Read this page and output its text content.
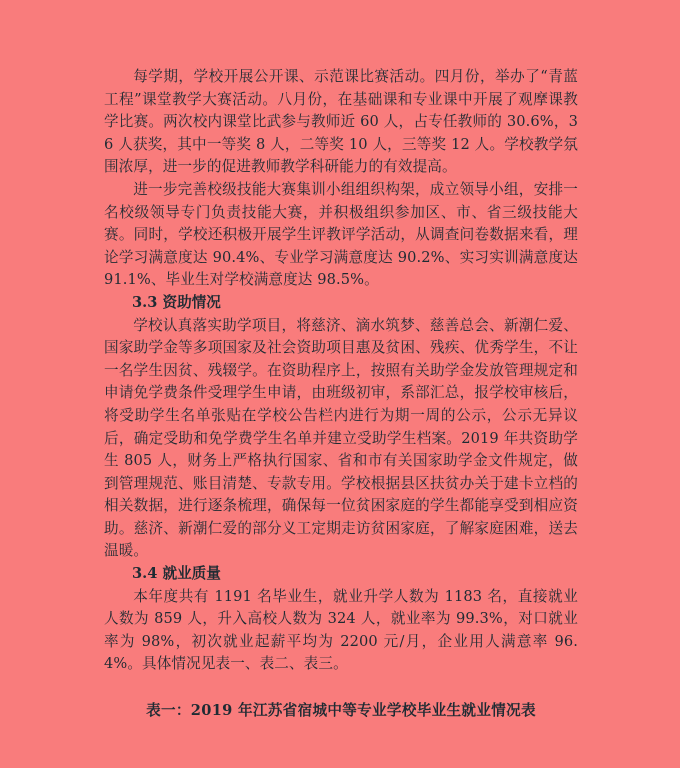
每学期，学校开展公开课、示范课比赛活动。四月份，举办了“青蓝工程”课堂教学大赛活动。八月份，在基础课和专业课中开展了观摩课教学比赛。两次校内课堂比武参与教师近 60 人，占专任教师的 30.6%，36 人获奖，其中一等奖 8 人，二等奖 10 人，三等奖 12 人。学校教学氛围浓厚，进一步的促进教师教学科研能力的有效提高。

进一步完善校级技能大赛集训小组组织构架，成立领导小组，安排一名校级领导专门负责技能大赛，并积极组织参加区、市、省三级技能大赛。同时，学校还积极开展学生评教评学活动，从调查问卷数据来看，理论学习满意度达 90.4%、专业学习满意度达 90.2%、实习实训满意度达 91.1%、毕业生对学校满意度达 98.5%。

3.3 资助情况

学校认真落实助学项目，将慈济、滴水筑梦、慈善总会、新潮仁爱、国家助学金等多项国家及社会资助项目惠及贫困、残疾、优秀学生，不让一名学生因贫、残辍学。在资助程序上，按照有关助学金发放管理规定和申请免学费条件受理学生申请，由班级初审，系部汇总，报学校审核后，将受助学生名单张贴在学校公告栏内进行为期一周的公示，公示无异议后，确定受助和免学费学生名单并建立受助学生档案。2019 年共资助学生 805 人，财务上严格执行国家、省和市有关国家助学金文件规定，做到管理规范、账目清楚、专款专用。学校根据县区扶贫办关于建卡立档的相关数据，进行逐条梳理，确保每一位贫困家庭的学生都能享受到相应资助。慈济、新潮仁爱的部分义工定期走访贫困家庭，了解家庭困难，送去温暖。

3.4 就业质量

本年度共有 1191 名毕业生，就业升学人数为 1183 名，直接就业人数为 859 人，升入高校人数为 324 人，就业率为 99.3%，对口就业率为 98%，初次就业起薪平均为 2200 元/月，企业用人满意率 96.4%。具体情况见表一、表二、表三。

表一：2019 年江苏省宿城中等专业学校毕业生就业情况表
